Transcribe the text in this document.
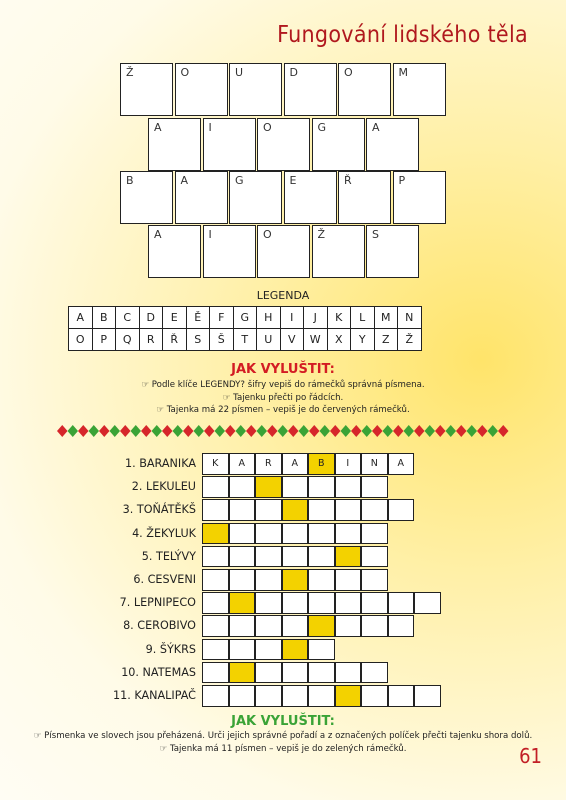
Fungování lidského těla
Ž	O	U	D	O	M
A	I	O	G	A
B	A	G	E	Ř	P
A	I	O	Ž	S
LEGENDA
A	B	C	D	E	Ě	F	G	H	I	J	K	L	M	N
O	P	Q	R	Ř	S	Š	T	U	V	W	X	Y	Z	Ž
JAK VYLUŠTIT:
☞ Podle klíče LEGENDY? šifry vepiš do rámečků správná písmena.
☞ Tajenku přečti po řádcích.
☞ Tajenka má 22 písmen – vepiš je do červených rámečků.
1. BARANIKA	K	A	R	A	B	I	N	A
2. LEKULEU
3. TOŇÁTĚKŠ
4. ŽEKYLUK
5. TELÝVY
6. CESVENI
7. LEPNIPECO
8. CEROBIVO
9. ŠÝKRS
10. NATEMAS
11. KANALIPAČ
JAK VYLUŠTIT:
☞ Písmenka ve slovech jsou přeházená. Urči jejich správné pořadí a z označených políček přečti tajenku shora dolů.
☞ Tajenka má 11 písmen – vepiš je do zelených rámečků.	61
